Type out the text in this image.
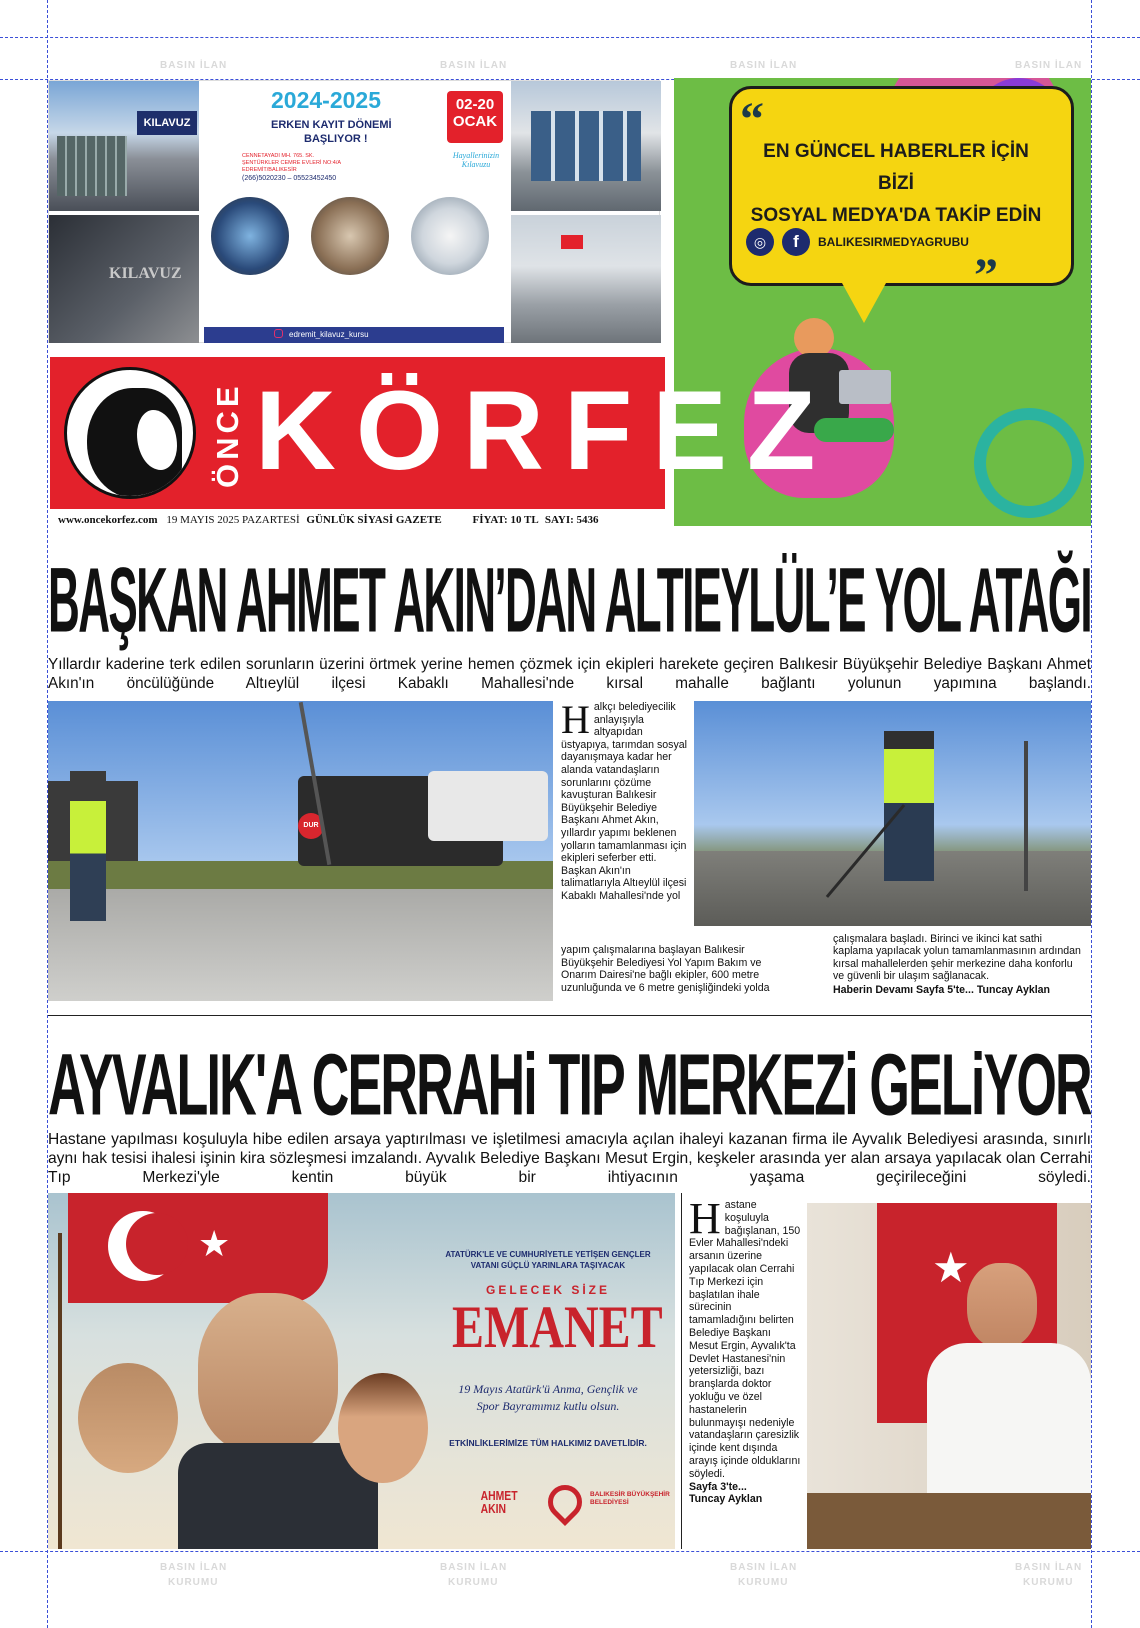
BASIN İLAN	BASIN İLAN	BASIN İLAN	BASIN İLAN
BASIN İLAN	BASIN İLAN	BASIN İLAN	BASIN İLAN
KURUMU	KURUMU	KURUMU	KURUMU
KILAVUZ
KILAVUZ
2024-2025
ERKEN KAYIT DÖNEMİ
BAŞLIYOR !
CENNETAYADI MH. 765. SK. ŞENTÜRKLER CEMRE EVLERİ NO:4/A EDREMİT/BALIKESİR
(266)5020230 – 05523452450
02-20
OCAK
Hayallerinizin Kılavuzu
edremit_kilavuz_kursu
“
”
EN GÜNCEL HABERLER İÇİN BİZİ
SOSYAL MEDYA'DA TAKİP EDİN
◎	f	BALIKESIRMEDYAGRUBU
ÖNCE KÖRFEZ
www.oncekorfez.com 19 MAYIS 2025 PAZARTESİ GÜNLÜK SİYASİ GAZETE	FİYAT: 10 TL SAYI: 5436
BAŞKAN AHMET AKIN’DAN ALTIEYLÜL’E YOL ATAĞI
Yıllardır kaderine terk edilen sorunların üzerini örtmek yerine hemen çözmek için ekipleri harekete geçiren Balıkesir Büyükşehir Belediye Başkanı Ahmet Akın'ın öncülüğünde Altıeylül ilçesi Kabaklı Mahallesi'nde kırsal mahalle bağlantı yolunun yapımına başlandı.
DUR
Halkçı belediyecilik anlayışıyla altyapıdan üstyapıya, tarımdan sosyal dayanışmaya kadar her alanda vatandaşların sorunlarını çözüme kavuşturan Balıkesir Büyükşehir Belediye Başkanı Ahmet Akın, yıllardır yapımı beklenen yolların tamamlanması için ekipleri seferber etti. Başkan Akın'ın talimatlarıyla Altıeylül ilçesi Kabaklı Mahallesi'nde yol
yapım çalışmalarına başlayan Balıkesir Büyükşehir Belediyesi Yol Yapım Bakım ve Onarım Dairesi'ne bağlı ekipler, 600 metre uzunluğunda ve 6 metre genişliğindeki yolda
çalışmalara başladı. Birinci ve ikinci kat sathi kaplama yapılacak yolun tamamlanmasının ardından kırsal mahallelerden şehir merkezine daha konforlu ve güvenli bir ulaşım sağlanacak.
Haberin Devamı Sayfa 5'te... Tuncay Ayklan
AYVALIK'A CERRAHi TIP MERKEZi GELiYOR
Hastane yapılması koşuluyla hibe edilen arsaya yaptırılması ve işletilmesi amacıyla açılan ihaleyi kazanan firma ile Ayvalık Belediyesi arasında, sınırlı aynı hak tesisi ihalesi işinin kira sözleşmesi imzalandı. Ayvalık Belediye Başkanı Mesut Ergin, keşkeler arasında yer alan arsaya yapılacak olan Cerrahi Tıp Merkezi'yle kentin büyük bir ihtiyacının yaşama geçirileceğini söyledi.
★	ATATÜRK'LE VE CUMHURİYETLE YETİŞEN GENÇLER
VATANI GÜÇLÜ YARINLARA TAŞIYACAK
GELECEK SİZE
EMANET
19 Mayıs Atatürk'ü Anma, Gençlik ve
Spor Bayramımız kutlu olsun.
ETKİNLİKLERİMİZE TÜM HALKIMIZ DAVETLİDİR.
AHMET
AKIN
BALIKESİR BÜYÜKŞEHİR BELEDİYESİ
Hastane koşuluyla bağışlanan, 150 Evler Mahallesi'ndeki arsanın üzerine yapılacak olan Cerrahi Tıp Merkezi için başlatılan ihale sürecinin tamamladığını belirten Belediye Başkanı Mesut Ergin, Ayvalık'ta Devlet Hastanesi'nin yetersizliği, bazı branşlarda doktor yokluğu ve özel hastanelerin bulunmayışı nedeniyle vatandaşların çaresizlik içinde kent dışında arayış içinde olduklarını söyledi.
Sayfa 3'te...
Tuncay Ayklan
★
